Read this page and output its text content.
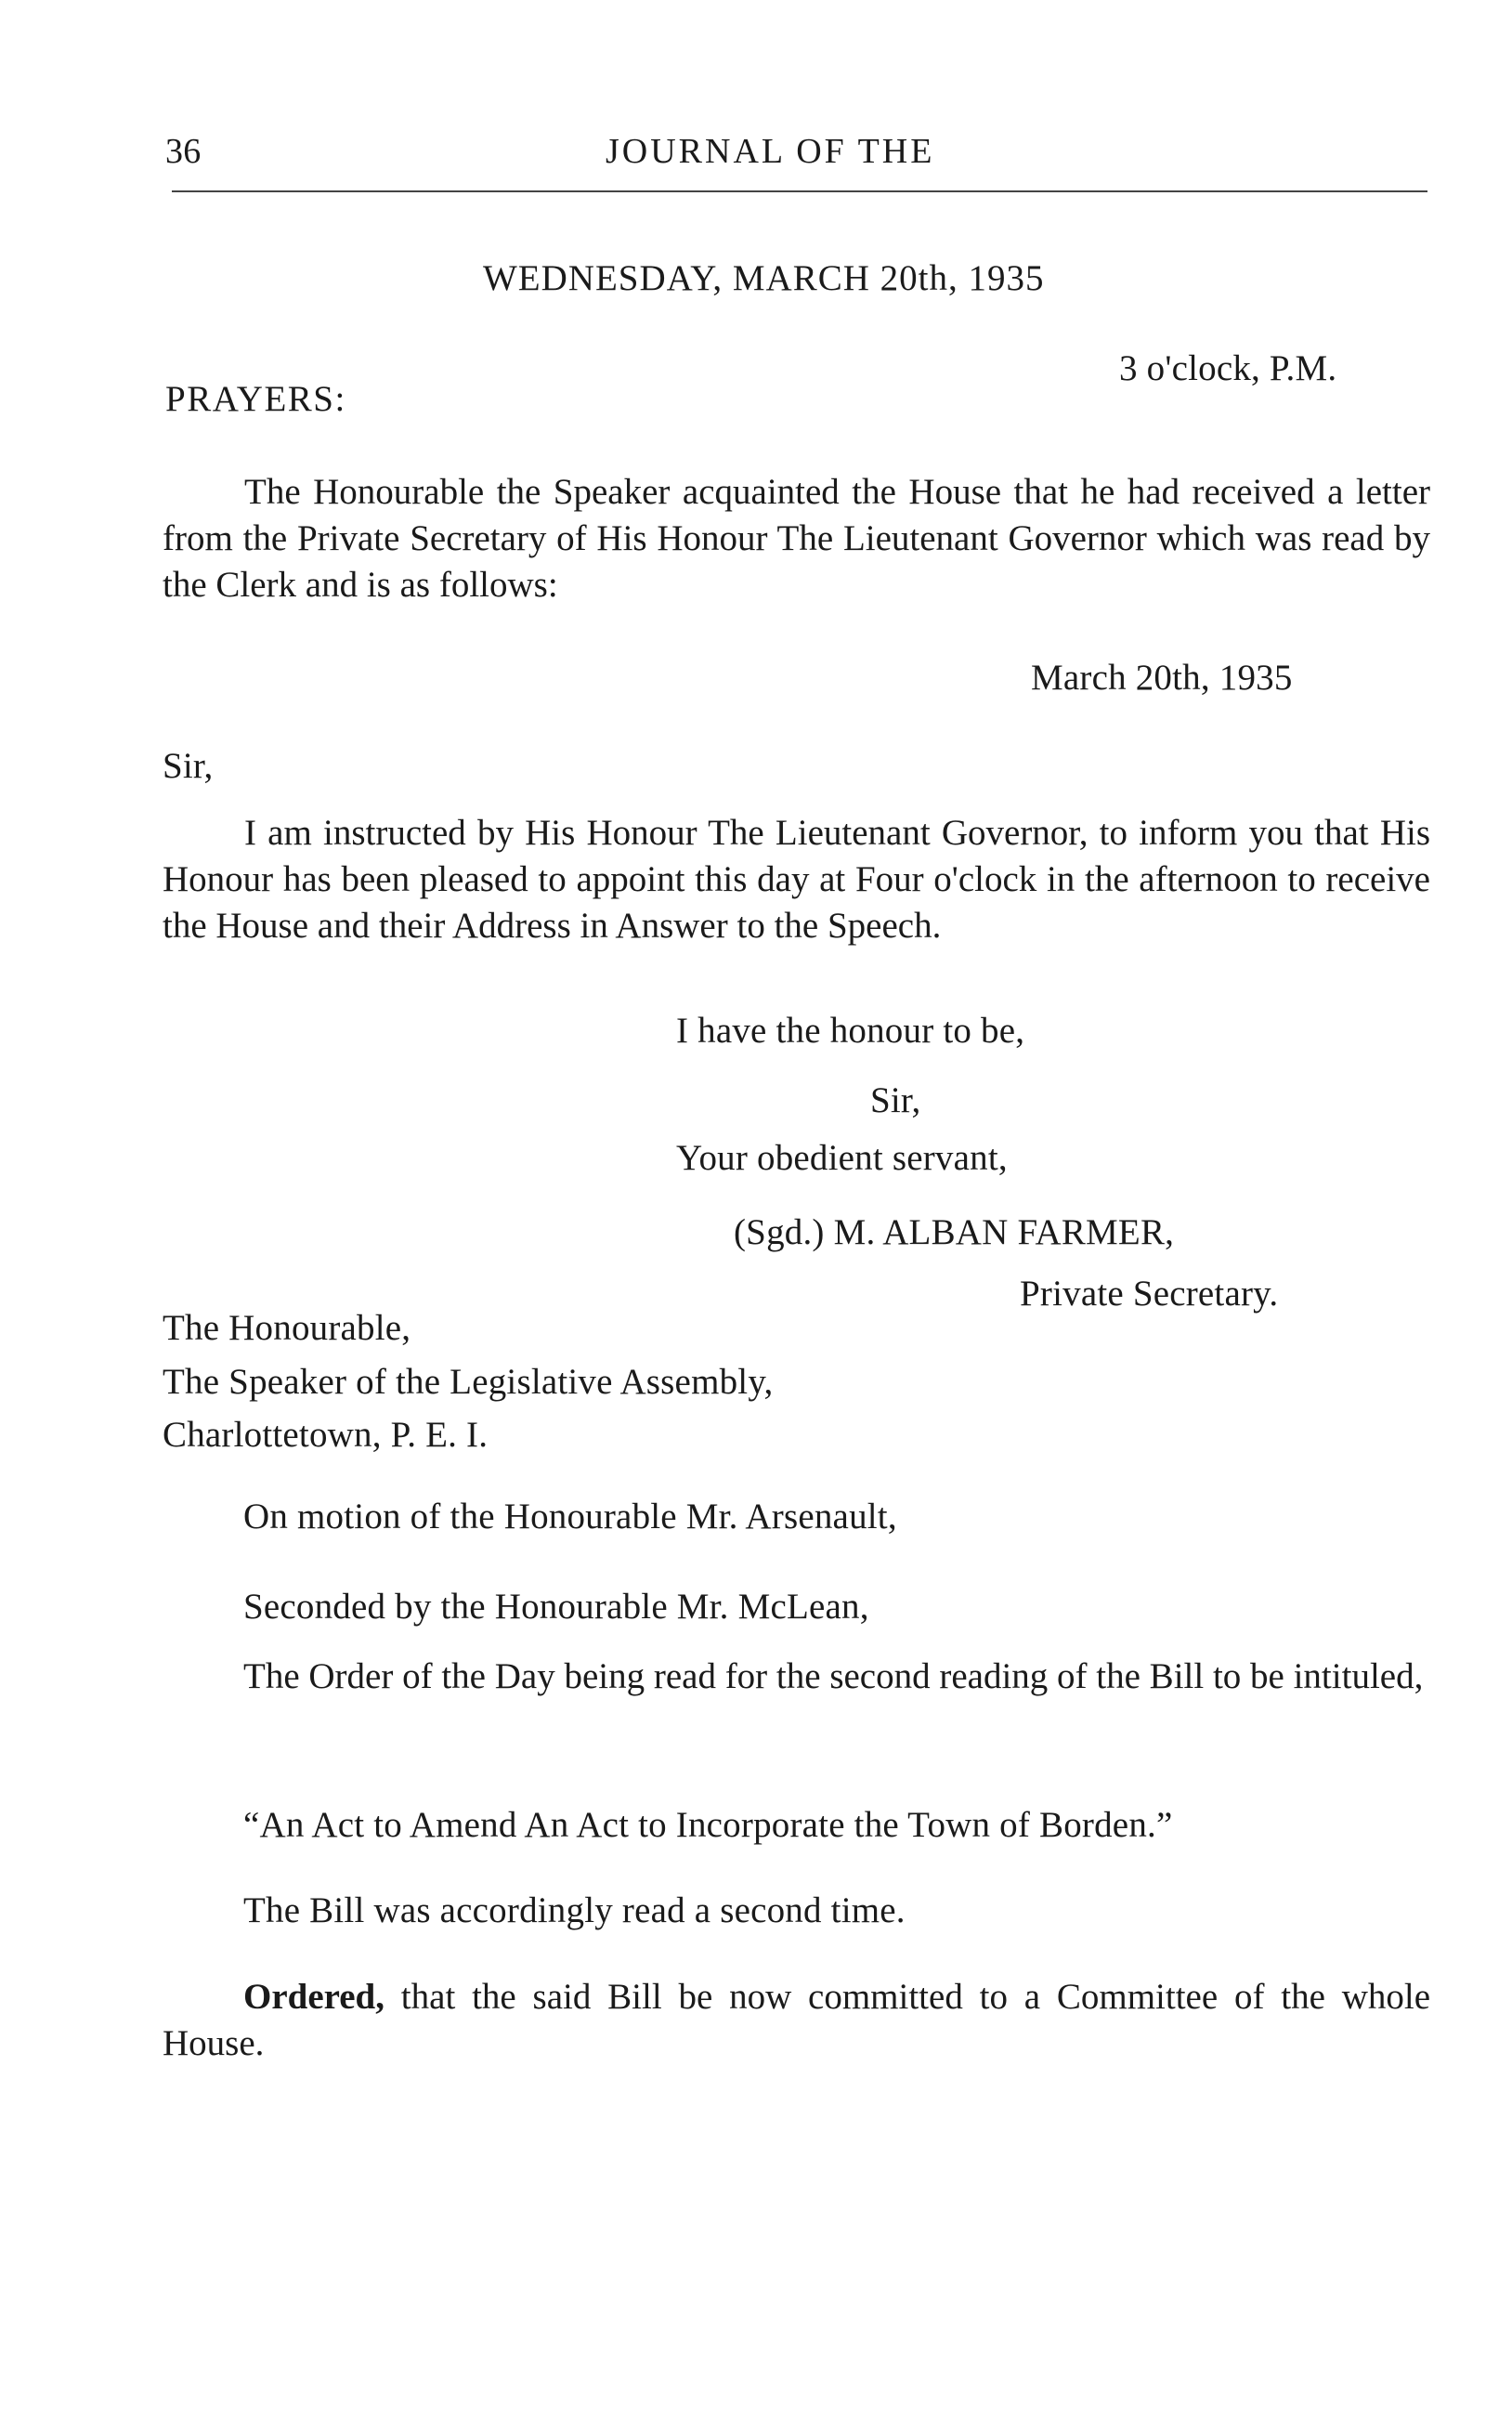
36	JOURNAL OF THE
WEDNESDAY, MARCH 20th, 1935
3 o'clock, P.M.
PRAYERS:
The Honourable the Speaker acquainted the House that he had received a letter from the Private Secretary of His Honour The Lieutenant Governor which was read by the Clerk and is as follows:
March 20th, 1935
Sir,
I am instructed by His Honour The Lieutenant Governor, to inform you that His Honour has been pleased to appoint this day at Four o'clock in the afternoon to receive the House and their Address in Answer to the Speech.
I have the honour to be,
Sir,
Your obedient servant,
(Sgd.) M. ALBAN FARMER,
Private Secretary.
The Honourable,
The Speaker of the Legislative Assembly,
Charlottetown, P. E. I.
On motion of the Honourable Mr. Arsenault,
Seconded by the Honourable Mr. McLean,
The Order of the Day being read for the second reading of the Bill to be intituled,
“An Act to Amend An Act to Incorporate the Town of Borden.”
The Bill was accordingly read a second time.
Ordered, that the said Bill be now committed to a Committee of the whole House.
